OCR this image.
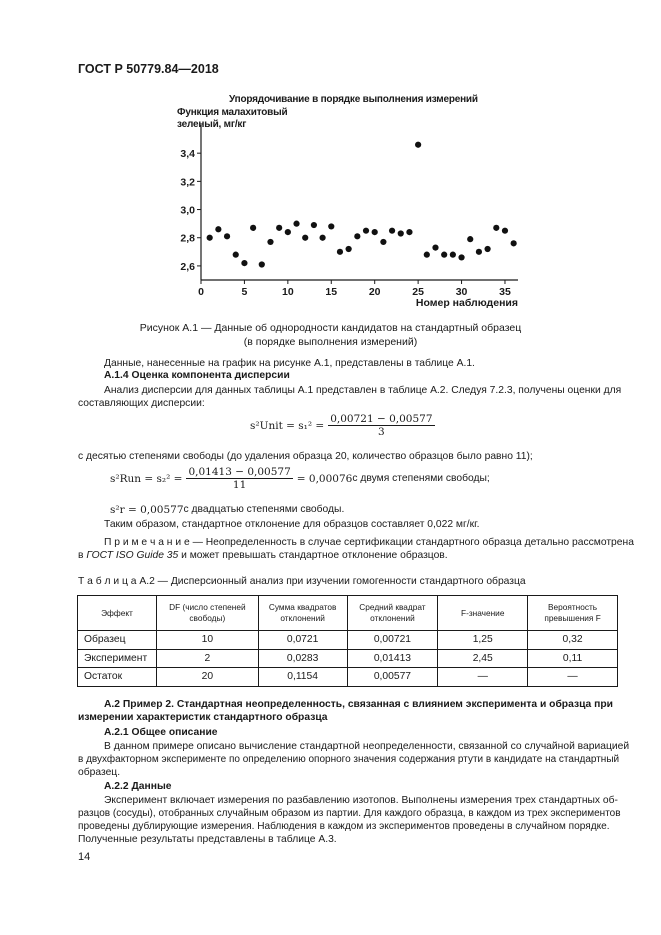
ГОСТ Р 50779.84—2018
Упорядочивание в порядке выполнения измерений
Функция малахитовый
зеленый, мг/кг
2,6
2,8
3,0
3,2
3,4
0	5	10	15	20	25	30	35
Номер наблюдения
Рисунок А.1 — Данные об однородности кандидатов на стандартный образец
(в порядке выполнения измерений)
Данные, нанесенные на график на рисунке А.1, представлены в таблице А.1.
А.1.4 Оценка компонента дисперсии
Анализ дисперсии для данных таблицы А.1 представлен в таблице А.2. Следуя 7.2.3, получены оценки для
составляющих дисперсии:
s²Unit = $s_1^2 = \frac{0,00721 - 0,00577}{3}$
с десятью степенями свободы (до удаления образца 20, количество образцов было равно 11);
$s^2Run = s_2^2 = \frac{0,01413 - 0,00577}{11} = 0,00076$ с двумя степенями свободы;
s²r = 0,00577 с двадцатью степенями свободы.
Таким образом, стандартное отклонение для образцов составляет 0,022 мг/кг.
П р и м е ч а н и е — Неопределенность в случае сертификации стандартного образца детально рассмотрена
в ГОСТ ISO Guide 35 и может превышать стандартное отклонение образцов.
Т а б л и ц а А.2 — Дисперсионный анализ при изучении гомогенности стандартного образца
Эффект	DF (число степеней свободы)	Сумма квадратов отклонений	Средний квадрат отклонений	F-значение	Вероятность превышения F
Образец	10	0,0721	0,00721	1,25	0,32
Эксперимент	2	0,0283	0,01413	2,45	0,11
Остаток	20	0,1154	0,00577	—	—
А.2 Пример 2. Стандартная неопределенность, связанная с влиянием эксперимента и образца при
измерении характеристик стандартного образца
А.2.1 Общее описание
В данном примере описано вычисление стандартной неопределенности, связанной со случайной вариацией
в двухфакторном эксперименте по определению опорного значения содержания ртути в кандидате на стандартный
образец.
А.2.2 Данные
Эксперимент включает измерения по разбавлению изотопов. Выполнены измерения трех стандартных об-
разцов (сосуды), отобранных случайным образом из партии. Для каждого образца, в каждом из трех экспериментов
проведены дублирующие измерения. Наблюдения в каждом из экспериментов проведены в случайном порядке.
Полученные результаты представлены в таблице А.3.
14
